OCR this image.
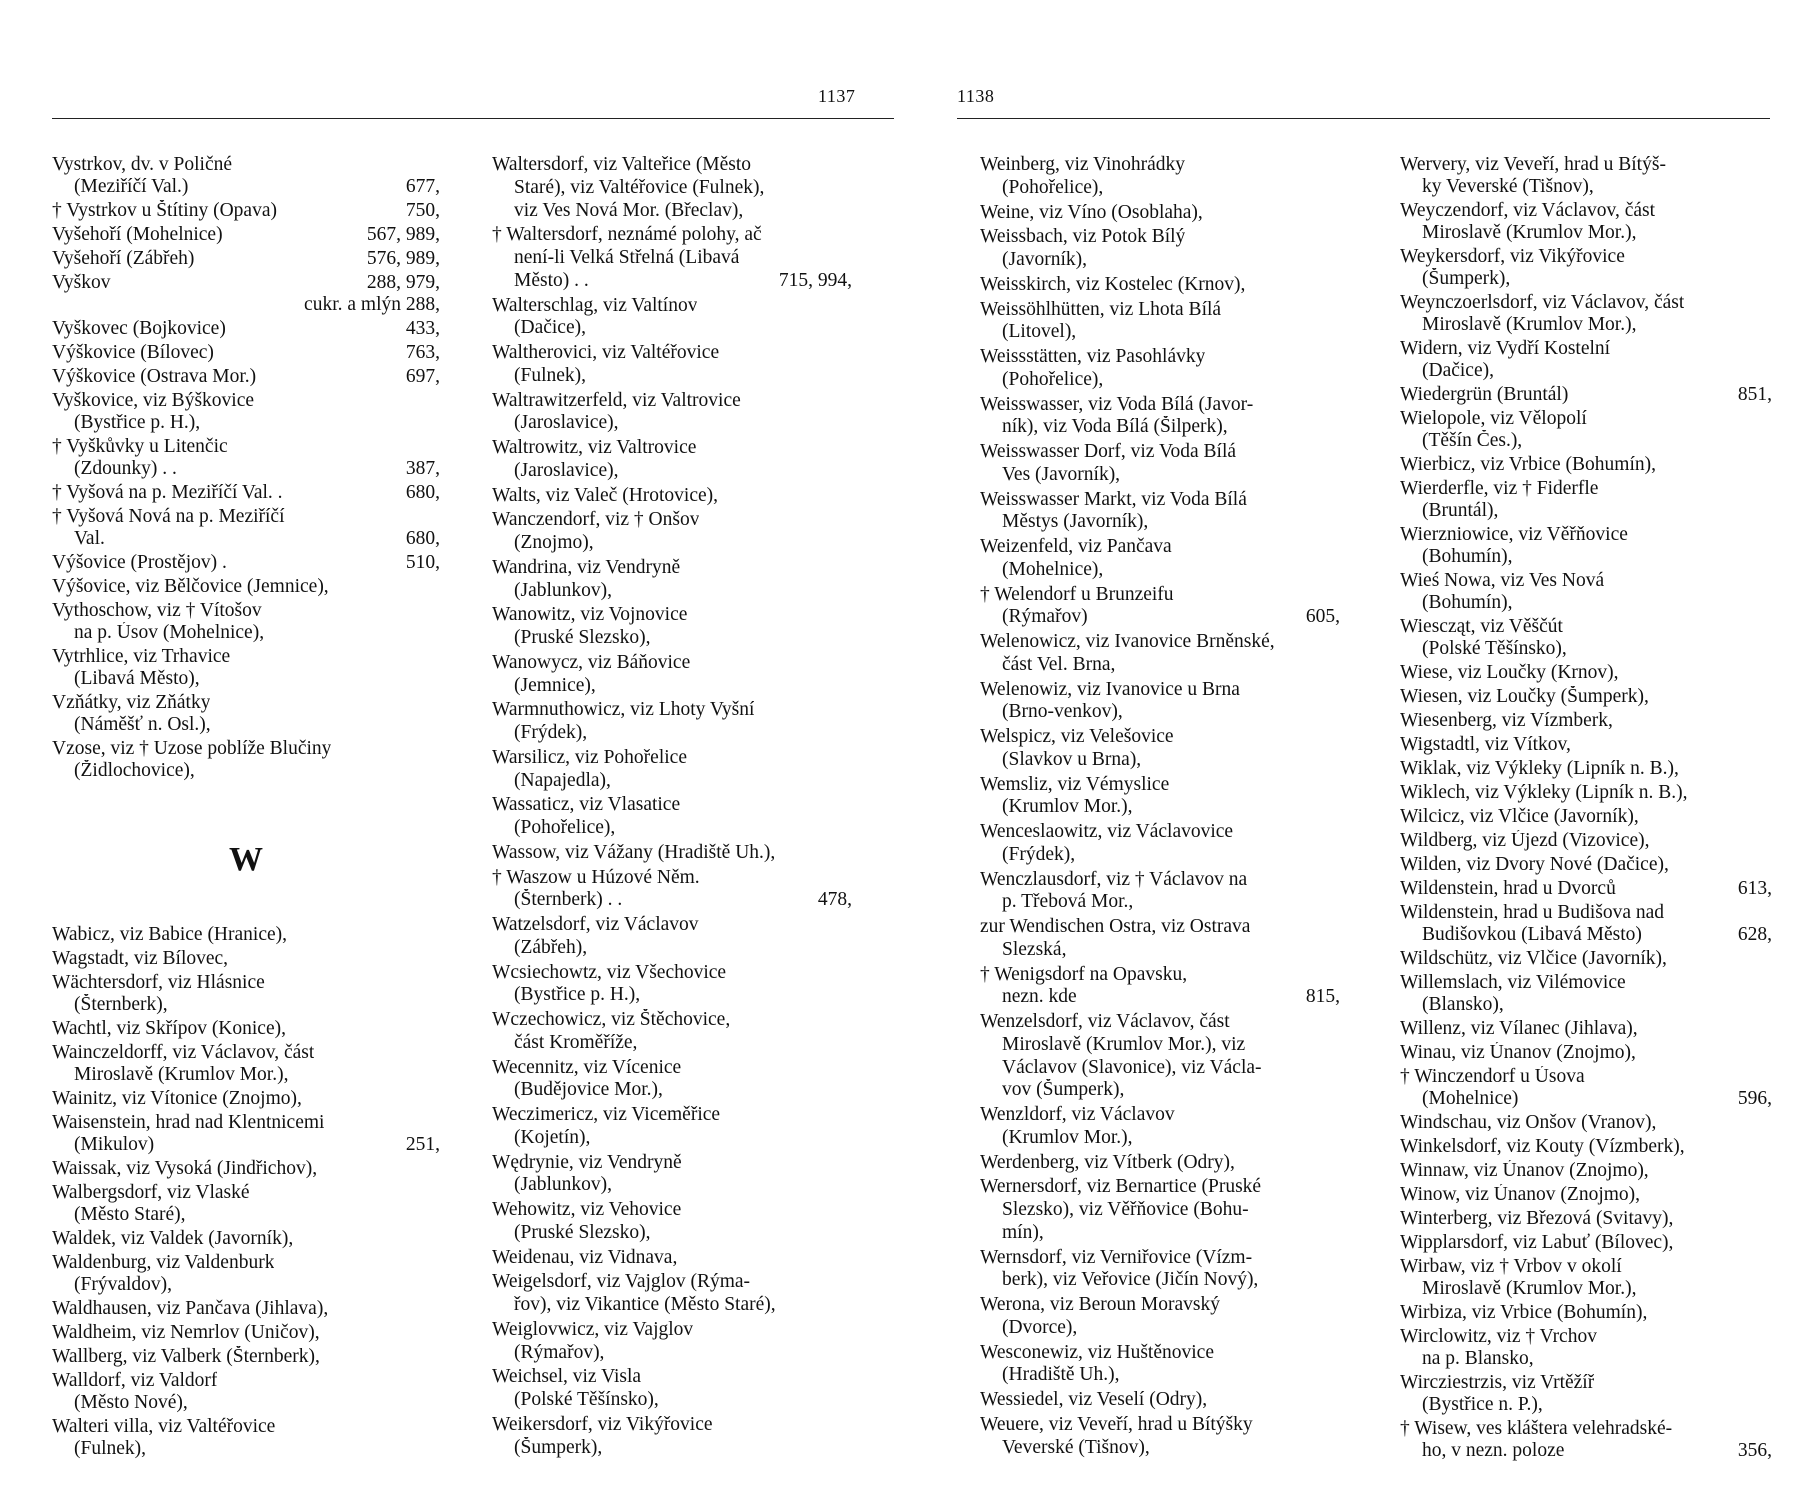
1137
Vystrkov, dv. v Poličné
(Meziříčí Val.)	677,
† Vystrkov u Štítiny (Opava)	750,
Vyšehoří (Mohelnice)	567, 989,
Vyšehoří (Zábřeh)	576, 989,
Vyškov	288, 979,
cukr. a mlýn 288,
Vyškovec (Bojkovice)	433,
Výškovice (Bílovec)	763,
Výškovice (Ostrava Mor.)	697,
Vyškovice, viz Býškovice
(Bystřice p. H.),
† Vyškůvky u Litenčic
(Zdounky) . .	387,
† Vyšová na p. Meziříčí Val. .	680,
† Vyšová Nová na p. Meziříčí
Val.	680,
Výšovice (Prostějov) .	510,
Výšovice, viz Bělčovice (Jemnice),
Vythoschow, viz † Vítošov
na p. Úsov (Mohelnice),
Vytrhlice, viz Trhavice
(Libavá Město),
Vzňátky, viz Zňátky
(Náměšť n. Osl.),
Vzose, viz † Uzose poblíže Blučiny
(Židlochovice),
W
Wabicz, viz Babice (Hranice),
Wagstadt, viz Bílovec,
Wächtersdorf, viz Hlásnice
(Šternberk),
Wachtl, viz Skřípov (Konice),
Wainczeldorff, viz Václavov, část
Miroslavě (Krumlov Mor.),
Wainitz, viz Vítonice (Znojmo),
Waisenstein, hrad nad Klentnicemi
(Mikulov)	251,
Waissak, viz Vysoká (Jindřichov),
Walbergsdorf, viz Vlaské
(Město Staré),
Waldek, viz Valdek (Javorník),
Waldenburg, viz Valdenburk
(Frývaldov),
Waldhausen, viz Pančava (Jihlava),
Waldheim, viz Nemrlov (Uničov),
Wallberg, viz Valberk (Šternberk),
Walldorf, viz Valdorf
(Město Nové),
Walteri villa, viz Valtéřovice
(Fulnek),
Waltersdorf, viz Valteřice (Město
Staré), viz Valtéřovice (Fulnek),
viz Ves Nová Mor. (Břeclav),
† Waltersdorf, neznámé polohy, ač
není-li Velká Střelná (Libavá
Město) . .	715, 994,
Walterschlag, viz Valtínov
(Dačice),
Waltherovici, viz Valtéřovice
(Fulnek),
Waltrawitzerfeld, viz Valtrovice
(Jaroslavice),
Waltrowitz, viz Valtrovice
(Jaroslavice),
Walts, viz Valeč (Hrotovice),
Wanczendorf, viz † Onšov
(Znojmo),
Wandrina, viz Vendryně
(Jablunkov),
Wanowitz, viz Vojnovice
(Pruské Slezsko),
Wanowycz, viz Báňovice
(Jemnice),
Warmnuthowicz, viz Lhoty Vyšní
(Frýdek),
Warsilicz, viz Pohořelice
(Napajedla),
Wassaticz, viz Vlasatice
(Pohořelice),
Wassow, viz Vážany (Hradiště Uh.),
† Waszow u Húzové Něm.
(Šternberk) . .	478,
Watzelsdorf, viz Václavov
(Zábřeh),
Wcsiechowtz, viz Všechovice
(Bystřice p. H.),
Wczechowicz, viz Štěchovice,
část Kroměříže,
Wecennitz, viz Vícenice
(Budějovice Mor.),
Weczimericz, viz Viceměřice
(Kojetín),
Wędrynie, viz Vendryně
(Jablunkov),
Wehowitz, viz Vehovice
(Pruské Slezsko),
Weidenau, viz Vidnava,
Weigelsdorf, viz Vajglov (Rýma-
řov), viz Vikantice (Město Staré),
Weiglovwicz, viz Vajglov
(Rýmařov),
Weichsel, viz Visla
(Polské Těšínsko),
Weikersdorf, viz Vikýřovice
(Šumperk),
1138
Weinberg, viz Vinohrádky
(Pohořelice),
Weine, viz Víno (Osoblaha),
Weissbach, viz Potok Bílý
(Javorník),
Weisskirch, viz Kostelec (Krnov),
Weissöhlhütten, viz Lhota Bílá
(Litovel),
Weissstätten, viz Pasohlávky
(Pohořelice),
Weisswasser, viz Voda Bílá (Javor-
ník), viz Voda Bílá (Šilperk),
Weisswasser Dorf, viz Voda Bílá
Ves (Javorník),
Weisswasser Markt, viz Voda Bílá
Městys (Javorník),
Weizenfeld, viz Pančava
(Mohelnice),
† Welendorf u Brunzeifu
(Rýmařov)	605,
Welenowicz, viz Ivanovice Brněnské,
část Vel. Brna,
Welenowiz, viz Ivanovice u Brna
(Brno-venkov),
Welspicz, viz Velešovice
(Slavkov u Brna),
Wemsliz, viz Vémyslice
(Krumlov Mor.),
Wenceslaowitz, viz Václavovice
(Frýdek),
Wenczlausdorf, viz † Václavov na
p. Třebová Mor.,
zur Wendischen Ostra, viz Ostrava
Slezská,
† Wenigsdorf na Opavsku,
nezn. kde	815,
Wenzelsdorf, viz Václavov, část
Miroslavě (Krumlov Mor.), viz
Václavov (Slavonice), viz Václa-
vov (Šumperk),
Wenzldorf, viz Václavov
(Krumlov Mor.),
Werdenberg, viz Vítberk (Odry),
Wernersdorf, viz Bernartice (Pruské
Slezsko), viz Věřňovice (Bohu-
mín),
Wernsdorf, viz Verniřovice (Vízm-
berk), viz Veřovice (Jičín Nový),
Werona, viz Beroun Moravský
(Dvorce),
Wesconewiz, viz Huštěnovice
(Hradiště Uh.),
Wessiedel, viz Veselí (Odry),
Weuere, viz Veveří, hrad u Bítýšky
Veverské (Tišnov),
Wervery, viz Veveří, hrad u Bítýš-
ky Veverské (Tišnov),
Weyczendorf, viz Václavov, část
Miroslavě (Krumlov Mor.),
Weykersdorf, viz Vikýřovice
(Šumperk),
Weynczoerlsdorf, viz Václavov, část
Miroslavě (Krumlov Mor.),
Widern, viz Vydří Kostelní
(Dačice),
Wiedergrün (Bruntál)	851,
Wielopole, viz Vělopolí
(Těšín Čes.),
Wierbicz, viz Vrbice (Bohumín),
Wierderfle, viz † Fiderfle
(Bruntál),
Wierzniowice, viz Věřňovice
(Bohumín),
Wieś Nowa, viz Ves Nová
(Bohumín),
Wiescząt, viz Věščút
(Polské Těšínsko),
Wiese, viz Loučky (Krnov),
Wiesen, viz Loučky (Šumperk),
Wiesenberg, viz Vízmberk,
Wigstadtl, viz Vítkov,
Wiklak, viz Výkleky (Lipník n. B.),
Wiklech, viz Výkleky (Lipník n. B.),
Wilcicz, viz Vlčice (Javorník),
Wildberg, viz Újezd (Vizovice),
Wilden, viz Dvory Nové (Dačice),
Wildenstein, hrad u Dvorců	613,
Wildenstein, hrad u Budišova nad
Budišovkou (Libavá Město)	628,
Wildschütz, viz Vlčice (Javorník),
Willemslach, viz Vilémovice
(Blansko),
Willenz, viz Vílanec (Jihlava),
Winau, viz Únanov (Znojmo),
† Winczendorf u Úsova
(Mohelnice)	596,
Windschau, viz Onšov (Vranov),
Winkelsdorf, viz Kouty (Vízmberk),
Winnaw, viz Únanov (Znojmo),
Winow, viz Únanov (Znojmo),
Winterberg, viz Březová (Svitavy),
Wipplarsdorf, viz Labuť (Bílovec),
Wirbaw, viz † Vrbov v okolí
Miroslavě (Krumlov Mor.),
Wirbiza, viz Vrbice (Bohumín),
Wirclowitz, viz † Vrchov
na p. Blansko,
Wircziestrzis, viz Vrtěžíř
(Bystřice n. P.),
† Wisew, ves kláštera velehradské-
ho, v nezn. poloze	356,
